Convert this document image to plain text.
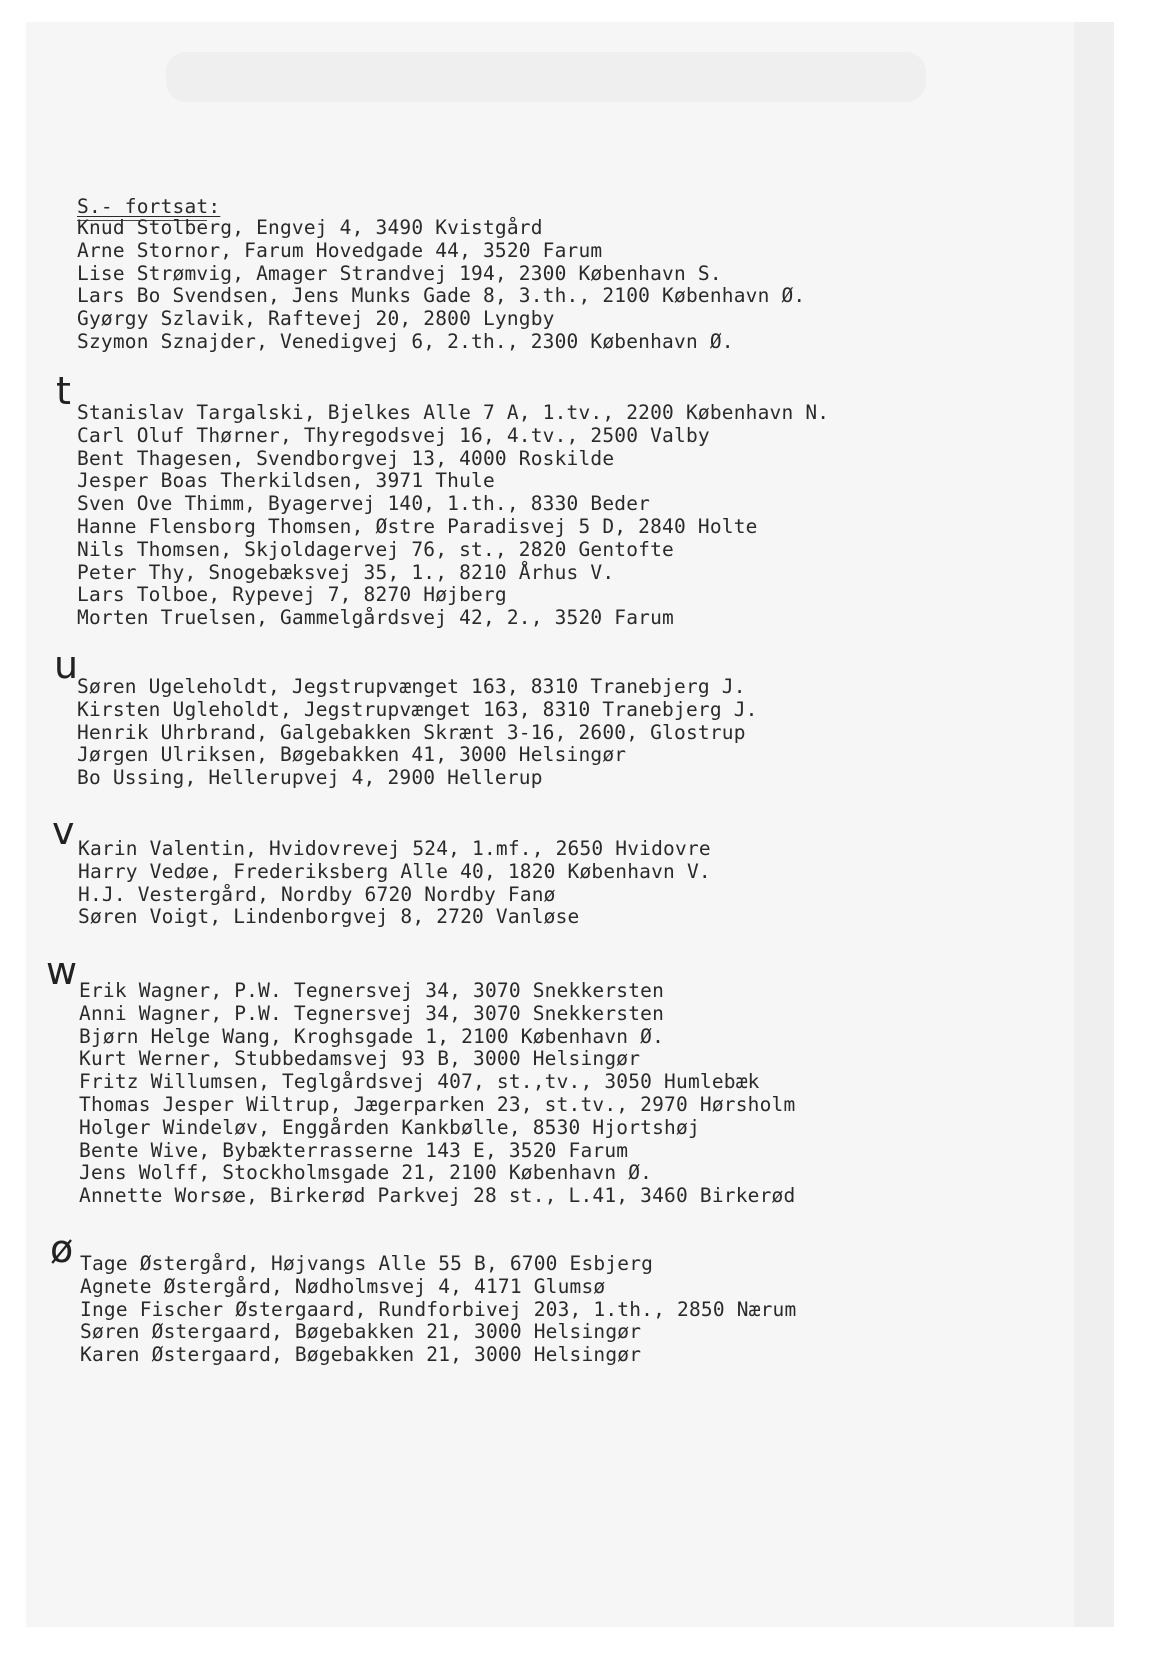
S.- fortsat:
Knud Stolberg, Engvej 4, 3490 Kvistgård
Arne Stornor, Farum Hovedgade 44, 3520 Farum
Lise Strømvig, Amager Strandvej 194, 2300 København S.
Lars Bo Svendsen, Jens Munks Gade 8, 3.th., 2100 København Ø.
Gyørgy Szlavik, Raftevej 20, 2800 Lyngby
Szymon Sznajder, Venedigvej 6, 2.th., 2300 København Ø.
t Stanislav Targalski, Bjelkes Alle 7 A, 1.tv., 2200 København N.
Carl Oluf Thørner, Thyregodsvej 16, 4.tv., 2500 Valby
Bent Thagesen, Svendborgvej 13, 4000 Roskilde
Jesper Boas Therkildsen, 3971 Thule
Sven Ove Thimm, Byagervej 140, 1.th., 8330 Beder
Hanne Flensborg Thomsen, Østre Paradisvej 5 D, 2840 Holte
Nils Thomsen, Skjoldagervej 76, st., 2820 Gentofte
Peter Thy, Snogebæksvej 35, 1., 8210 Århus V.
Lars Tolboe, Rypevej 7, 8270 Højberg
Morten Truelsen, Gammelgårdsvej 42, 2., 3520 Farum
u
Søren Ugeleholdt, Jegstrupvænget 163, 8310 Tranebjerg J.
Kirsten Ugleholdt, Jegstrupvænget 163, 8310 Tranebjerg J.
Henrik Uhrbrand, Galgebakken Skrænt 3-16, 2600, Glostrup
Jørgen Ulriksen, Bøgebakken 41, 3000 Helsingør
Bo Ussing, Hellerupvej 4, 2900 Hellerup
v Karin Valentin, Hvidovrevej 524, 1.mf., 2650 Hvidovre
Harry Vedøe, Frederiksberg Alle 40, 1820 København V.
H.J. Vestergård, Nordby 6720 Nordby Fanø
Søren Voigt, Lindenborgvej 8, 2720 Vanløse
w Erik Wagner, P.W. Tegnersvej 34, 3070 Snekkersten
Anni Wagner, P.W. Tegnersvej 34, 3070 Snekkersten
Bjørn Helge Wang, Kroghsgade 1, 2100 København Ø.
Kurt Werner, Stubbedamsvej 93 B, 3000 Helsingør
Fritz Willumsen, Teglgårdsvej 407, st.,tv., 3050 Humlebæk
Thomas Jesper Wiltrup, Jægerparken 23, st.tv., 2970 Hørsholm
Holger Windeløv, Enggården Kankbølle, 8530 Hjortshøj
Bente Wive, Bybækterrasserne 143 E, 3520 Farum
Jens Wolff, Stockholmsgade 21, 2100 København Ø.
Annette Worsøe, Birkerød Parkvej 28 st., L.41, 3460 Birkerød
ø Tage Østergård, Højvangs Alle 55 B, 6700 Esbjerg
Agnete Østergård, Nødholmsvej 4, 4171 Glumsø
Inge Fischer Østergaard, Rundforbivej 203, 1.th., 2850 Nærum
Søren Østergaard, Bøgebakken 21, 3000 Helsingør
Karen Østergaard, Bøgebakken 21, 3000 Helsingør
